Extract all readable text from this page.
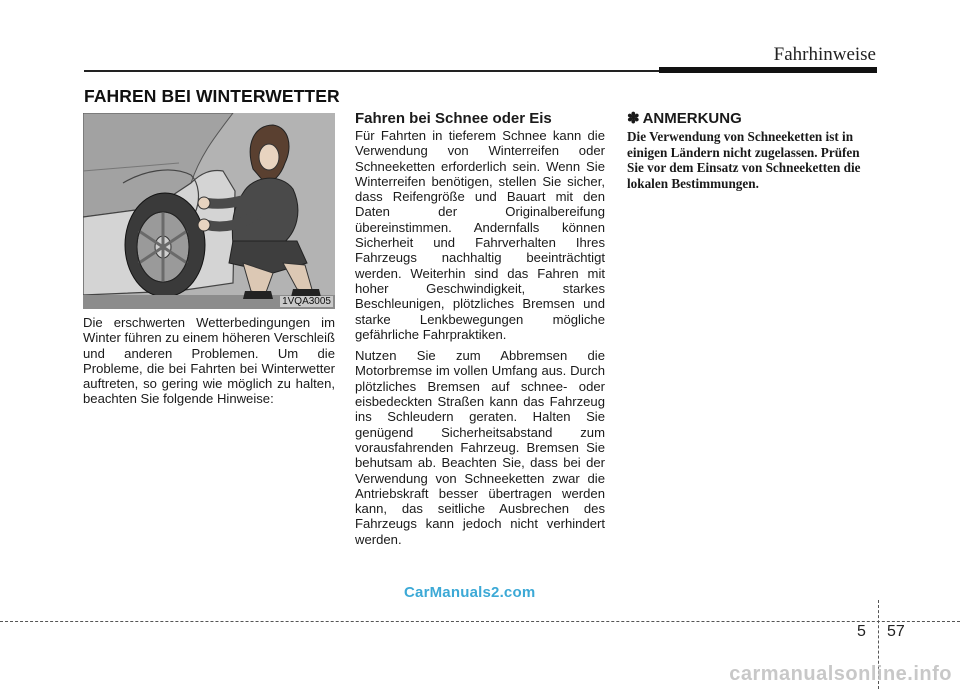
Fahrhinweise
FAHREN BEI WINTERWETTER
1VQA3005

Die erschwerten Wetterbedingungen im Winter führen zu einem höheren Verschleiß und anderen Problemen. Um die Probleme, die bei Fahrten bei Winterwetter auftreten, so gering wie möglich zu halten, beachten Sie folgende Hinweise:

Fahren bei Schnee oder Eis

Für Fahrten in tieferem Schnee kann die Verwendung von Winterreifen oder Schneeketten erforderlich sein. Wenn Sie Winterreifen benötigen, stellen Sie sicher, dass Reifengröße und Bauart mit den Daten der Originalbereifung übereinstimmen. Andernfalls können Sicherheit und Fahrverhalten Ihres Fahrzeugs nachhaltig beeinträchtigt werden. Weiterhin sind das Fahren mit hoher Geschwindigkeit, starkes Beschleunigen, plötzliches Bremsen und starke Lenkbewegungen mögliche gefährliche Fahrpraktiken.

Nutzen Sie zum Abbremsen die Motorbremse im vollen Umfang aus. Durch plötzliches Bremsen auf schnee- oder eisbedeckten Straßen kann das Fahrzeug ins Schleudern geraten. Halten Sie genügend Sicherheitsabstand zum vorausfahrenden Fahrzeug. Bremsen Sie behutsam ab. Beachten Sie, dass bei der Verwendung von Schneeketten zwar die Antriebskraft besser übertragen werden kann, das seitliche Ausbrechen des Fahrzeugs kann jedoch nicht verhindert werden.

✽ ANMERKUNG
Die Verwendung von Schneeketten ist in einigen Ländern nicht zugelassen. Prüfen Sie vor dem Einsatz von Schneeketten die lokalen Bestimmungen.
CarManuals2.com
5 57
carmanualsonline.info
